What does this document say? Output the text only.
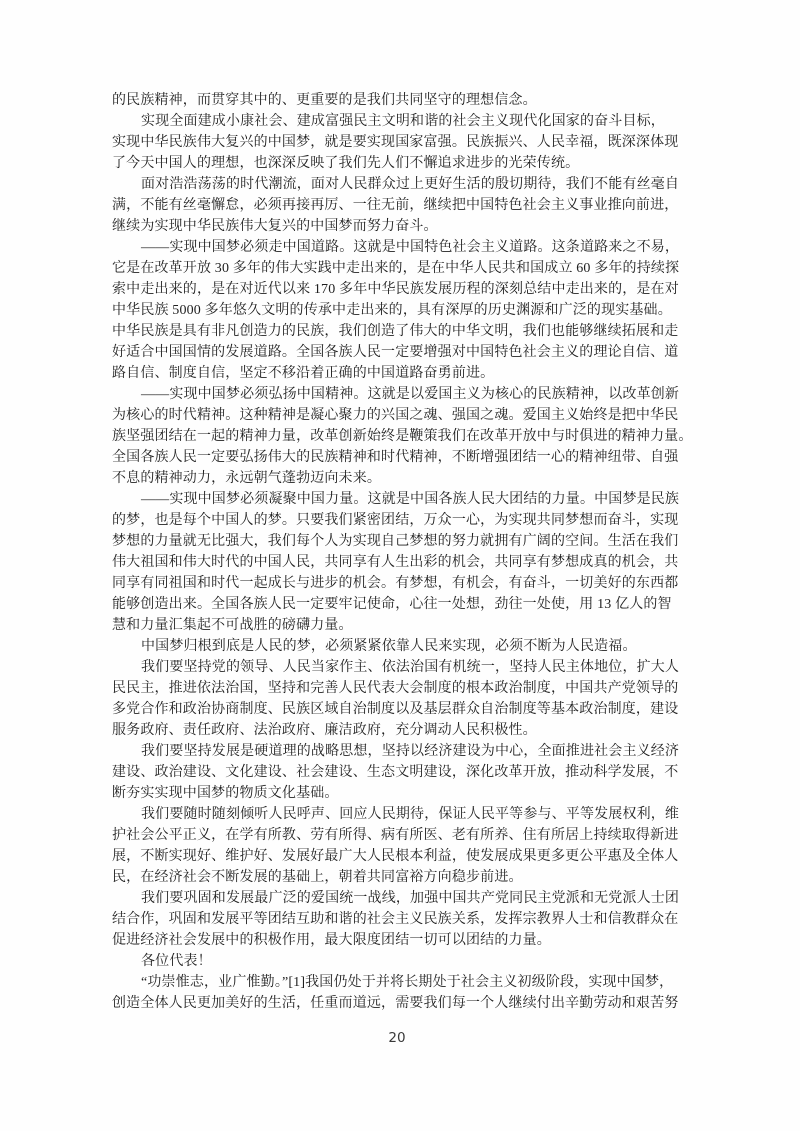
的民族精神，而贯穿其中的、更重要的是我们共同坚守的理想信念。

实现全面建成小康社会、建成富强民主文明和谐的社会主义现代化国家的奋斗目标，

实现中华民族伟大复兴的中国梦，就是要实现国家富强。民族振兴、人民幸福，既深深体现

了今天中国人的理想，也深深反映了我们先人们不懈追求进步的光荣传统。

面对浩浩荡荡的时代潮流，面对人民群众过上更好生活的殷切期待，我们不能有丝毫自

满，不能有丝毫懈怠，必须再接再厉、一往无前，继续把中国特色社会主义事业推向前进，

继续为实现中华民族伟大复兴的中国梦而努力奋斗。

——实现中国梦必须走中国道路。这就是中国特色社会主义道路。这条道路来之不易，

它是在改革开放 30 多年的伟大实践中走出来的，是在中华人民共和国成立 60 多年的持续探

索中走出来的，是在对近代以来 170 多年中华民族发展历程的深刻总结中走出来的，是在对

中华民族 5000 多年悠久文明的传承中走出来的，具有深厚的历史渊源和广泛的现实基础。

中华民族是具有非凡创造力的民族，我们创造了伟大的中华文明，我们也能够继续拓展和走

好适合中国国情的发展道路。全国各族人民一定要增强对中国特色社会主义的理论自信、道

路自信、制度自信，坚定不移沿着正确的中国道路奋勇前进。

——实现中国梦必须弘扬中国精神。这就是以爱国主义为核心的民族精神，以改革创新

为核心的时代精神。这种精神是凝心聚力的兴国之魂、强国之魂。爱国主义始终是把中华民

族坚强团结在一起的精神力量，改革创新始终是鞭策我们在改革开放中与时俱进的精神力量。

全国各族人民一定要弘扬伟大的民族精神和时代精神，不断增强团结一心的精神纽带、自强

不息的精神动力，永远朝气蓬勃迈向未来。

——实现中国梦必须凝聚中国力量。这就是中国各族人民大团结的力量。中国梦是民族

的梦，也是每个中国人的梦。只要我们紧密团结，万众一心，为实现共同梦想而奋斗，实现

梦想的力量就无比强大，我们每个人为实现自己梦想的努力就拥有广阔的空间。生活在我们

伟大祖国和伟大时代的中国人民，共同享有人生出彩的机会，共同享有梦想成真的机会，共

同享有同祖国和时代一起成长与进步的机会。有梦想，有机会，有奋斗，一切美好的东西都

能够创造出来。全国各族人民一定要牢记使命，心往一处想，劲往一处使，用 13 亿人的智

慧和力量汇集起不可战胜的磅礴力量。

中国梦归根到底是人民的梦，必须紧紧依靠人民来实现，必须不断为人民造福。

我们要坚持党的领导、人民当家作主、依法治国有机统一，坚持人民主体地位，扩大人

民民主，推进依法治国，坚持和完善人民代表大会制度的根本政治制度，中国共产党领导的

多党合作和政治协商制度、民族区域自治制度以及基层群众自治制度等基本政治制度，建设

服务政府、责任政府、法治政府、廉洁政府，充分调动人民积极性。

我们要坚持发展是硬道理的战略思想，坚持以经济建设为中心，全面推进社会主义经济

建设、政治建设、文化建设、社会建设、生态文明建设，深化改革开放，推动科学发展，不

断夯实实现中国梦的物质文化基础。

我们要随时随刻倾听人民呼声、回应人民期待，保证人民平等参与、平等发展权利，维

护社会公平正义，在学有所教、劳有所得、病有所医、老有所养、住有所居上持续取得新进

展，不断实现好、维护好、发展好最广大人民根本利益，使发展成果更多更公平惠及全体人

民，在经济社会不断发展的基础上，朝着共同富裕方向稳步前进。

我们要巩固和发展最广泛的爱国统一战线，加强中国共产党同民主党派和无党派人士团

结合作，巩固和发展平等团结互助和谐的社会主义民族关系，发挥宗教界人士和信教群众在

促进经济社会发展中的积极作用，最大限度团结一切可以团结的力量。

各位代表！

“功崇惟志，业广惟勤。”[1]我国仍处于并将长期处于社会主义初级阶段，实现中国梦，

创造全体人民更加美好的生活，任重而道远，需要我们每一个人继续付出辛勤劳动和艰苦努

20
